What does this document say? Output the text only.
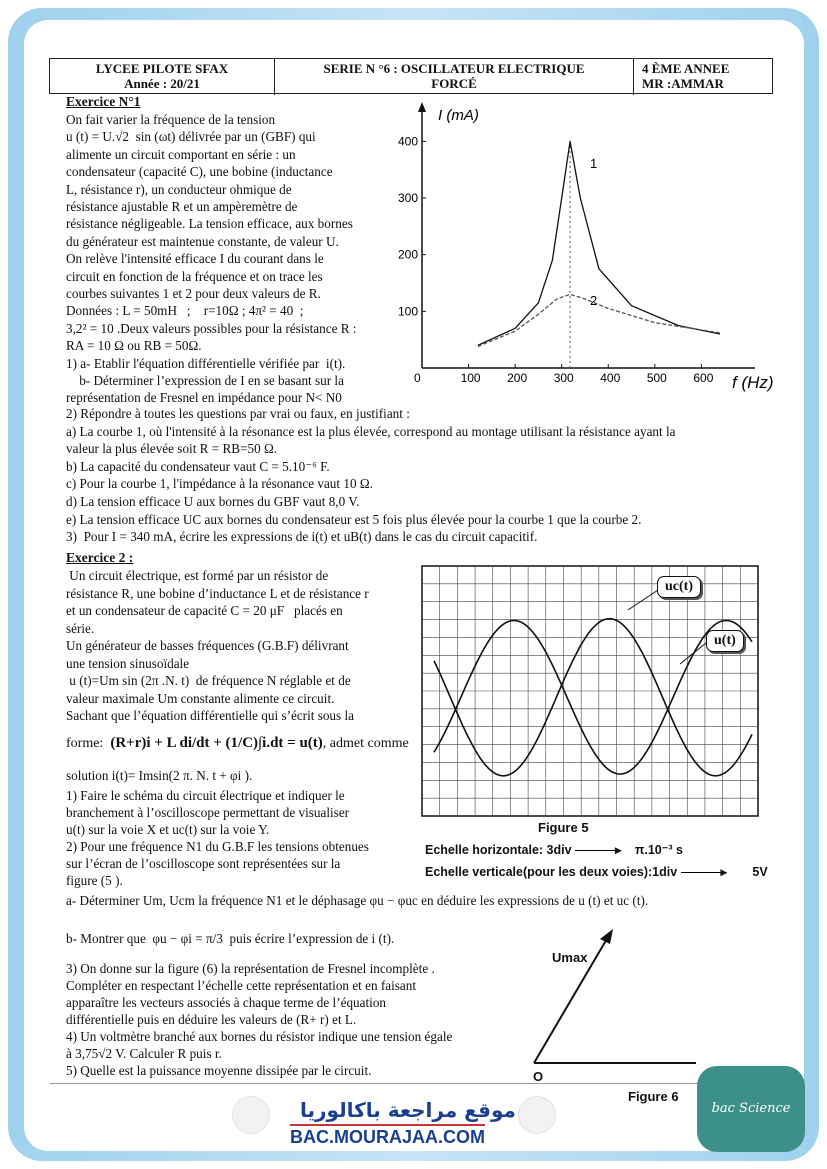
LYCEE PILOTE SFAX
Année : 20/21
SERIE N °6 : OSCILLATEUR ELECTRIQUE
FORCÉ
4 ÈME ANNEE
MR :AMMAR
Exercice N°1
On fait varier la fréquence de la tension
u (t) = U.√2  sin (ωt) délivrée par un (GBF) qui
alimente un circuit comportant en série : un
condensateur (capacité C), une bobine (inductance
L, résistance r), un conducteur ohmique de
résistance ajustable R et un ampèremètre de
résistance négligeable. La tension efficace, aux bornes
du générateur est maintenue constante, de valeur U.
On relève l'intensité efficace I du courant dans le
circuit en fonction de la fréquence et on trace les
courbes suivantes 1 et 2 pour deux valeurs de R.
Données : L = 50mH   ;    r=10Ω ; 4π² = 40  ;
3,2² = 10 .Deux valeurs possibles pour la résistance R :
RA = 10 Ω ou RB = 50Ω.
1) a- Etablir l'équation différentielle vérifiée par  i(t).
b- Déterminer l’expression de I en se basant sur la
représentation de Fresnel en impédance pour N< N0
0	100 200 300 400 500 600
100
200
300
400
I (mA)
f (Hz)
1
2
2) Répondre à toutes les questions par vrai ou faux, en justifiant :
a) La courbe 1, où l'intensité à la résonance est la plus élevée, correspond au montage utilisant la résistance ayant la
valeur la plus élevée soit R = RB=50 Ω.
b) La capacité du condensateur vaut C = 5.10⁻⁶ F.
c) Pour la courbe 1, l'impédance à la résonance vaut 10 Ω.
d) La tension efficace U aux bornes du GBF vaut 8,0 V.
e) La tension efficace UC aux bornes du condensateur est 5 fois plus élevée pour la courbe 1 que la courbe 2.
3)  Pour I = 340 mA, écrire les expressions de i(t) et uB(t) dans le cas du circuit capacitif.
Exercice 2 :
Un circuit électrique, est formé par un résistor de
résistance R, une bobine d’inductance L et de résistance r
et un condensateur de capacité C = 20 μF   placés en
série.
Un générateur de basses fréquences (G.B.F) délivrant
une tension sinusoïdale
u (t)=Um sin (2π .N. t)  de fréquence N réglable et de
valeur maximale Um constante alimente ce circuit.
Sachant que l’équation différentielle qui s’écrit sous la
forme: (R+r)i + L di/dt + (1/C)∫i.dt = u(t), admet comme
solution i(t)= Imsin(2 π. N. t + φi ).
1) Faire le schéma du circuit électrique et indiquer le
branchement à l’oscilloscope permettant de visualiser
u(t) sur la voie X et uc(t) sur la voie Y.
2) Pour une fréquence N1 du G.B.F les tensions obtenues
sur l’écran de l’oscilloscope sont représentées sur la
figure (5 ).
uc(t)
u(t)
Figure 5
Echelle horizontale: 3div	▸ π.10⁻³ s
Echelle verticale(pour les deux voies):1div	▸ 5V
a- Déterminer Um, Ucm la fréquence N1 et le déphasage φu − φuc en déduire les expressions de u (t) et uc (t).
b- Montrer que  φu − φi = π/3  puis écrire l’expression de i (t).
3) On donne sur la figure (6) la représentation de Fresnel incomplète .
Compléter en respectant l’échelle cette représentation et en faisant
apparaître les vecteurs associés à chaque terme de l’équation
différentielle puis en déduire les valeurs de (R+ r) et L.
4) Un voltmètre branché aux bornes du résistor indique une tension égale
à 3,75√2 V. Calculer R puis r.
5) Quelle est la puissance moyenne dissipée par le circuit.
Umax
O
Figure 6
موقع مراجعة باكالوريا
BAC.MOURAJAA.COM
bac Science
